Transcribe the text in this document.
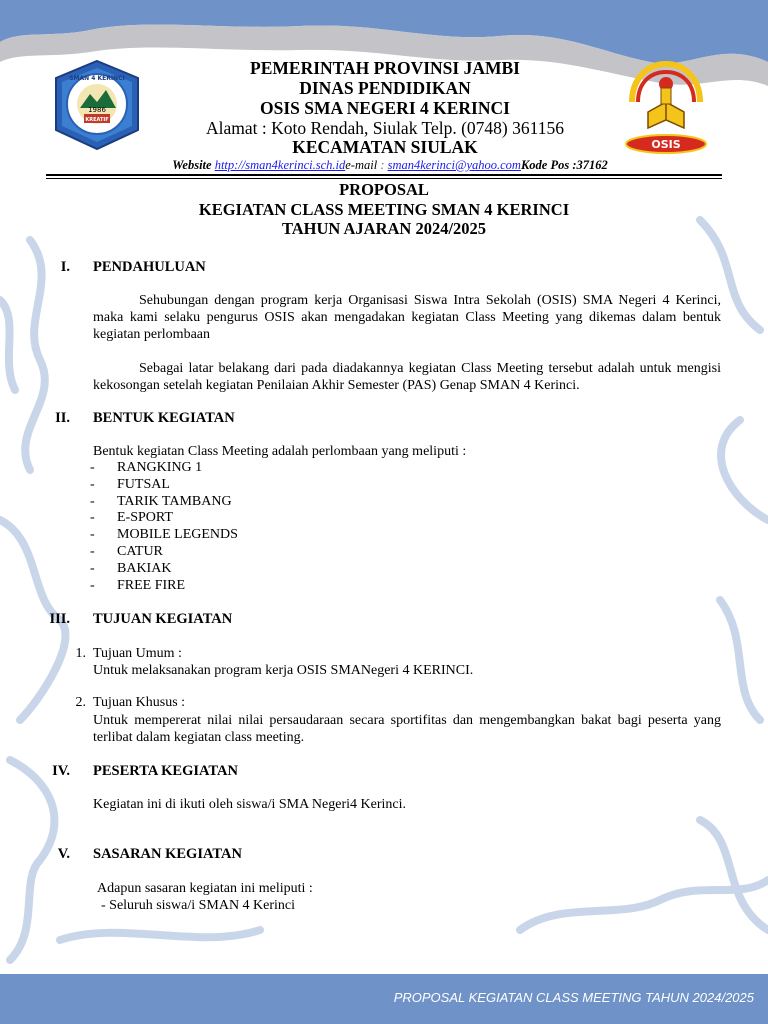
KREATIF
1986
SMAN 4 KERINCI
OSIS
PEMERINTAH PROVINSI JAMBI
DINAS PENDIDIKAN
OSIS SMA NEGERI 4 KERINCI
Alamat : Koto Rendah, Siulak Telp. (0748) 361156
KECAMATAN SIULAK
Website http://sman4kerinci.sch.ide-mail : sman4kerinci@yahoo.comKode Pos :37162
PROPOSAL
KEGIATAN CLASS MEETING SMAN 4 KERINCI
TAHUN AJARAN 2024/2025
I. PENDAHULUAN
Sehubungan dengan program kerja Organisasi Siswa Intra Sekolah (OSIS) SMA Negeri 4 Kerinci, maka kami selaku pengurus OSIS akan mengadakan kegiatan Class Meeting yang dikemas dalam bentuk kegiatan perlombaan
Sebagai latar belakang dari pada diadakannya kegiatan Class Meeting tersebut adalah untuk mengisi kekosongan setelah kegiatan Penilaian Akhir Semester (PAS) Genap SMAN 4 Kerinci.
II. BENTUK KEGIATAN
Bentuk kegiatan Class Meeting adalah perlombaan yang meliputi :
- RANGKING 1
- FUTSAL
- TARIK TAMBANG
- E-SPORT
- MOBILE LEGENDS
- CATUR
- BAKIAK
- FREE FIRE
III. TUJUAN KEGIATAN
1. Tujuan Umum :
Untuk melaksanakan program kerja OSIS SMANegeri 4 KERINCI.
2. Tujuan Khusus :
Untuk mempererat nilai nilai persaudaraan secara sportifitas dan mengembangkan bakat bagi peserta yang terlibat dalam kegiatan class meeting.
IV. PESERTA KEGIATAN
Kegiatan ini di ikuti oleh siswa/i SMA Negeri4 Kerinci.
V. SASARAN KEGIATAN
Adapun sasaran kegiatan ini meliputi :
- Seluruh siswa/i SMAN 4 Kerinci
PROPOSAL KEGIATAN CLASS MEETING TAHUN 2024/2025
